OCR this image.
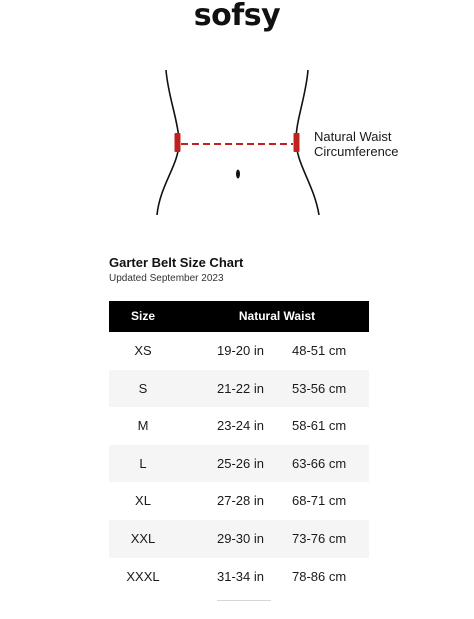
sofsy
Natural Waist
Circumference
Garter Belt Size Chart
Updated September 2023
Size	Natural Waist
XS	19-20 in 48-51 cm
S	21-22 in 53-56 cm
M	23-24 in 58-61 cm
L	25-26 in 63-66 cm
XL	27-28 in 68-71 cm
XXL	29-30 in 73-76 cm
XXXL	31-34 in 78-86 cm
